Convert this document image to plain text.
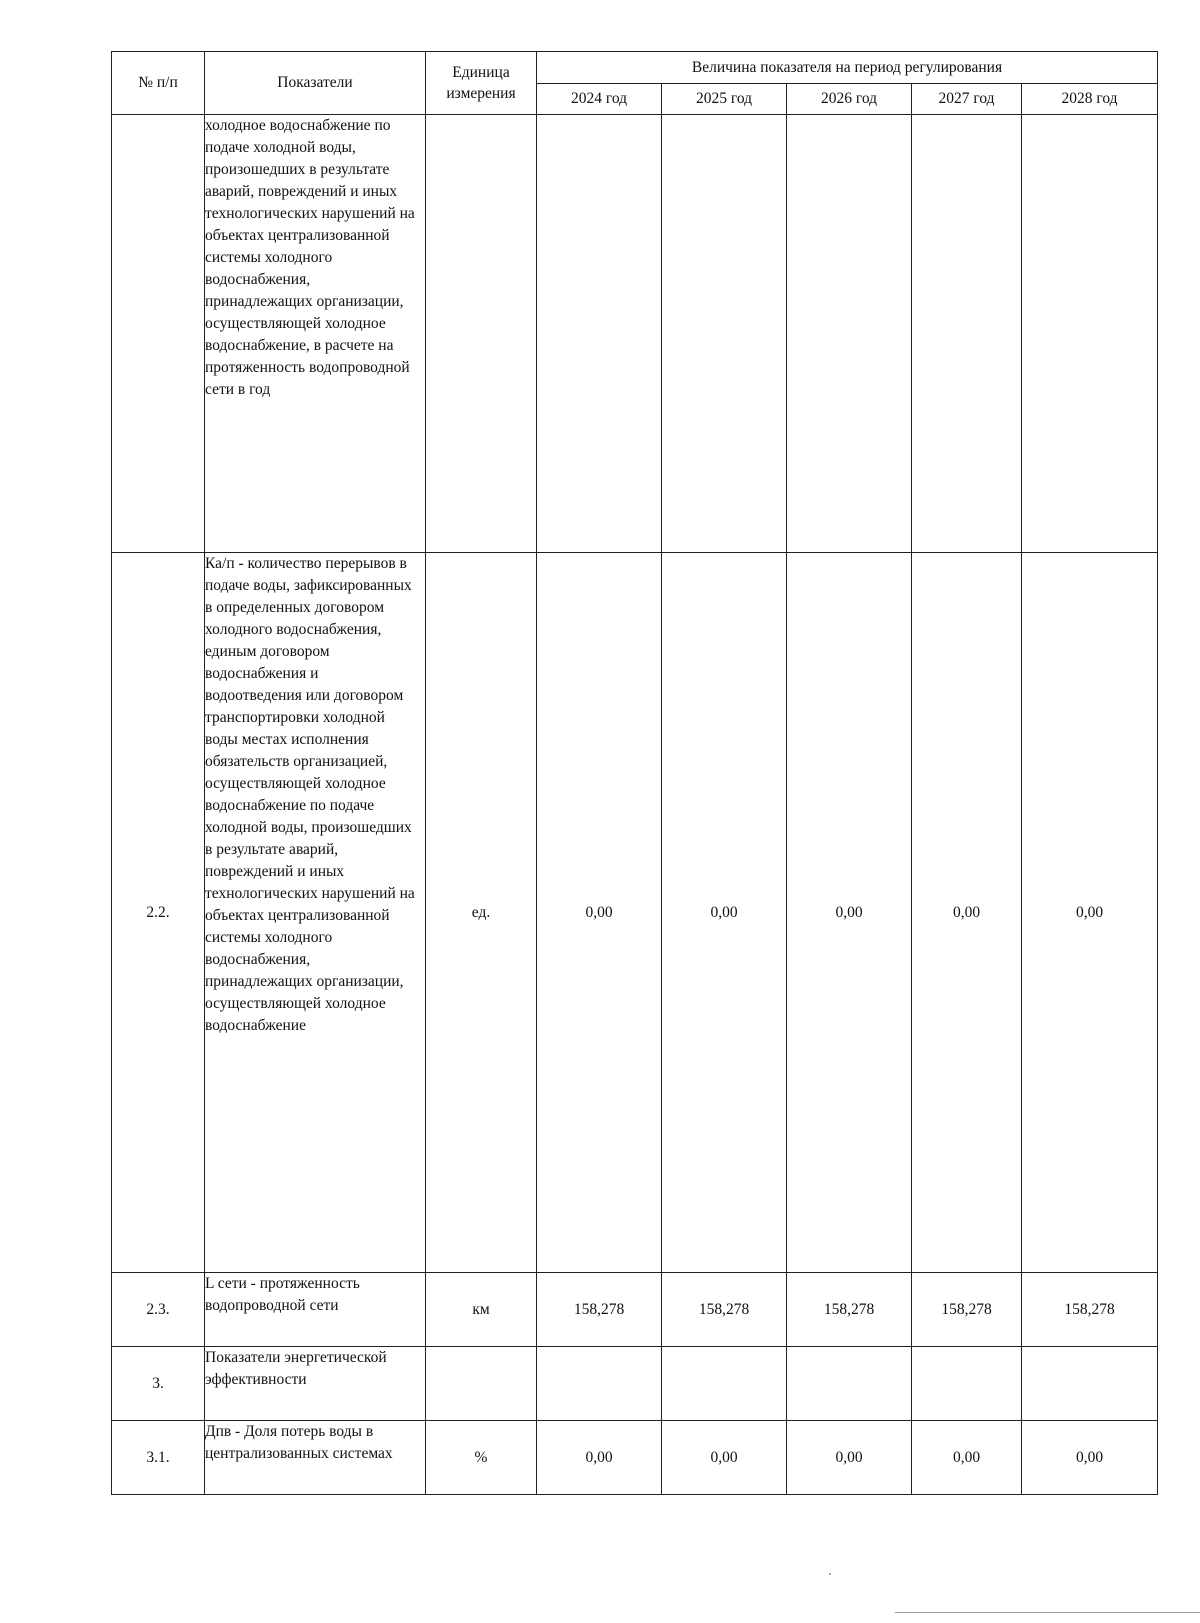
№ п/п	Показатели	Единица измерения	Величина показателя на период регулирования				
			2024 год	2025 год	2026 год	2027 год	2028 год

	холодное водоснабжение по подаче холодной воды, произошедших в результате аварий, повреждений и иных технологических нарушений на объектах централизованной системы холодного водоснабжения, принадлежащих организации, осуществляющей холодное водоснабжение, в расчете на протяженность водопроводной сети в год						

2.2.	Ка/п - количество перерывов в подаче воды, зафиксированных в определенных договором холодного водоснабжения, единым договором водоснабжения и водоотведения или договором транспортировки холодной воды местах исполнения обязательств организацией, осуществляющей холодное водоснабжение по подаче холодной воды, произошедших в результате аварий, повреждений и иных технологических нарушений на объектах централизованной системы холодного водоснабжения, принадлежащих организации, осуществляющей холодное водоснабжение	ед.	0,00	0,00	0,00	0,00	0,00
2.3.	L сети - протяженность водопроводной сети	км	158,278	158,278	158,278	158,278	158,278
3.	Показатели энергетической эффективности						

3.1.	Дпв - Доля потерь воды в централизованных системах	%	0,00	0,00	0,00	0,00	0,00
